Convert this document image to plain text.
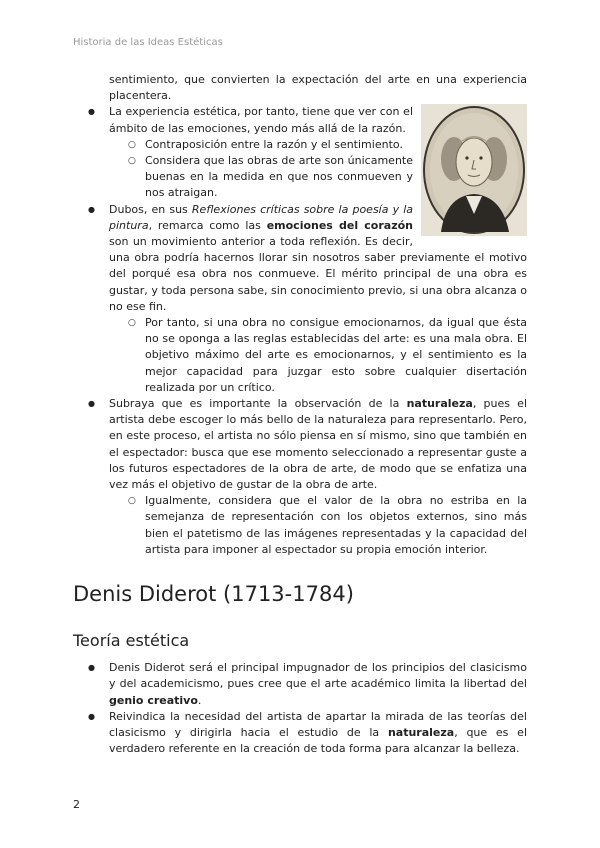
Historia de las Ideas Estéticas

sentimiento, que convierten la expectación del arte en una experiencia placentera.

● La experiencia estética, por tanto, tiene que ver con el ámbito de las emociones, yendo más allá de la razón.
○ Contraposición entre la razón y el sentimiento.
○ Considera que las obras de arte son únicamente buenas en la medida en que nos conmueven y nos atraigan.
● Dubos, en sus Reflexiones críticas sobre la poesía y la pintura, remarca como las emociones del corazón son un movimiento anterior a toda reflexión. Es decir, una obra podría hacernos llorar sin nosotros saber previamente el motivo del porqué esa obra nos conmueve. El mérito principal de una obra es gustar, y toda persona sabe, sin conocimiento previo, si una obra alcanza o no ese fin.
○ Por tanto, si una obra no consigue emocionarnos, da igual que ésta no se oponga a las reglas establecidas del arte: es una mala obra. El objetivo máximo del arte es emocionarnos, y el sentimiento es la mejor capacidad para juzgar esto sobre cualquier disertación realizada por un crítico.
● Subraya que es importante la observación de la naturaleza, pues el artista debe escoger lo más bello de la naturaleza para representarlo. Pero, en este proceso, el artista no sólo piensa en sí mismo, sino que también en el espectador: busca que ese momento seleccionado a representar guste a los futuros espectadores de la obra de arte, de modo que se enfatiza una vez más el objetivo de gustar de la obra de arte.
○ Igualmente, considera que el valor de la obra no estriba en la semejanza de representación con los objetos externos, sino más bien el patetismo de las imágenes representadas y la capacidad del artista para imponer al espectador su propia emoción interior.
Denis Diderot (1713-1784)
Teoría estética
● Denis Diderot será el principal impugnador de los principios del clasicismo y del academicismo, pues cree que el arte académico limita la libertad del genio creativo.
● Reivindica la necesidad del artista de apartar la mirada de las teorías del clasicismo y dirigirla hacia el estudio de la naturaleza, que es el verdadero referente en la creación de toda forma para alcanzar la belleza.
2
